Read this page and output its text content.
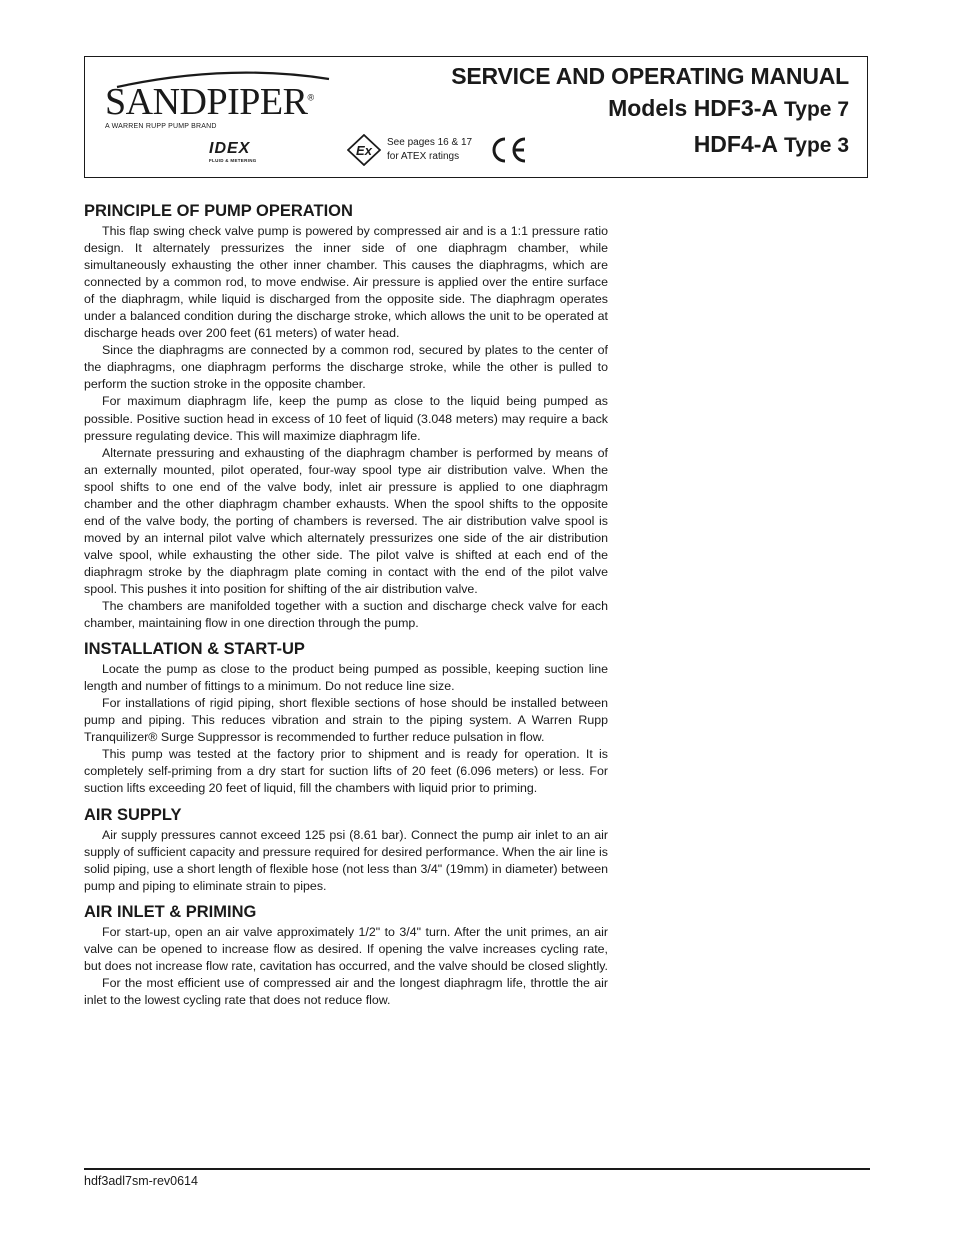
SANDPIPER®
A WARREN RUPP PUMP BRAND
IDEX
FLUID & METERING
Ex
See pages 16 & 17
for ATEX ratings
SERVICE AND OPERATING MANUAL
Models HDF3-A Type 7
HDF4-A Type 3
PRINCIPLE OF PUMP OPERATION

This flap swing check valve pump is powered by compressed air and is a 1:1 pressure ratio design. It alternately pressurizes the inner side of one diaphragm chamber, while simultaneously exhausting the other inner chamber. This causes the diaphragms, which are connected by a common rod, to move endwise. Air pressure is applied over the entire surface of the diaphragm, while liquid is discharged from the opposite side. The diaphragm operates under a balanced condition during the discharge stroke, which allows the unit to be operated at discharge heads over 200 feet (61 meters) of water head.

Since the diaphragms are connected by a common rod, secured by plates to the center of the diaphragms, one diaphragm performs the discharge stroke, while the other is pulled to perform the suction stroke in the opposite chamber.

For maximum diaphragm life, keep the pump as close to the liquid being pumped as possible. Positive suction head in excess of 10 feet of liquid (3.048 meters) may require a back pressure regulating device. This will maximize diaphragm life.

Alternate pressuring and exhausting of the diaphragm chamber is performed by means of an externally mounted, pilot operated, four-way spool type air distribution valve. When the spool shifts to one end of the valve body, inlet air pressure is applied to one diaphragm chamber and the other diaphragm chamber exhausts. When the spool shifts to the opposite end of the valve body, the porting of chambers is reversed. The air distribution valve spool is moved by an internal pilot valve which alternately pressurizes one side of the air distribution valve spool, while exhausting the other side. The pilot valve is shifted at each end of the diaphragm stroke by the diaphragm plate coming in contact with the end of the pilot valve spool. This pushes it into position for shifting of the air distribution valve.

The chambers are manifolded together with a suction and discharge check valve for each chamber, maintaining flow in one direction through the pump.

INSTALLATION & START-UP

Locate the pump as close to the product being pumped as possible, keeping suction line length and number of fittings to a minimum. Do not reduce line size.

For installations of rigid piping, short flexible sections of hose should be installed between pump and piping. This reduces vibration and strain to the piping system. A Warren Rupp Tranquilizer® Surge Suppressor is recommended to further reduce pulsation in flow.

This pump was tested at the factory prior to shipment and is ready for operation. It is completely self-priming from a dry start for suction lifts of 20 feet (6.096 meters) or less. For suction lifts exceeding 20 feet of liquid, fill the chambers with liquid prior to priming.

AIR SUPPLY

Air supply pressures cannot exceed 125 psi (8.61 bar). Connect the pump air inlet to an air supply of sufficient capacity and pressure required for desired performance. When the air line is solid piping, use a short length of flexible hose (not less than 3/4" (19mm) in diameter) between pump and piping to eliminate strain to pipes.

AIR INLET & PRIMING

For start-up, open an air valve approximately 1/2" to 3/4" turn. After the unit primes, an air valve can be opened to increase flow as desired. If opening the valve increases cycling rate, but does not increase flow rate, cavitation has occurred, and the valve should be closed slightly.

For the most efficient use of compressed air and the longest diaphragm life, throttle the air inlet to the lowest cycling rate that does not reduce flow.

hdf3adl7sm-rev0614
